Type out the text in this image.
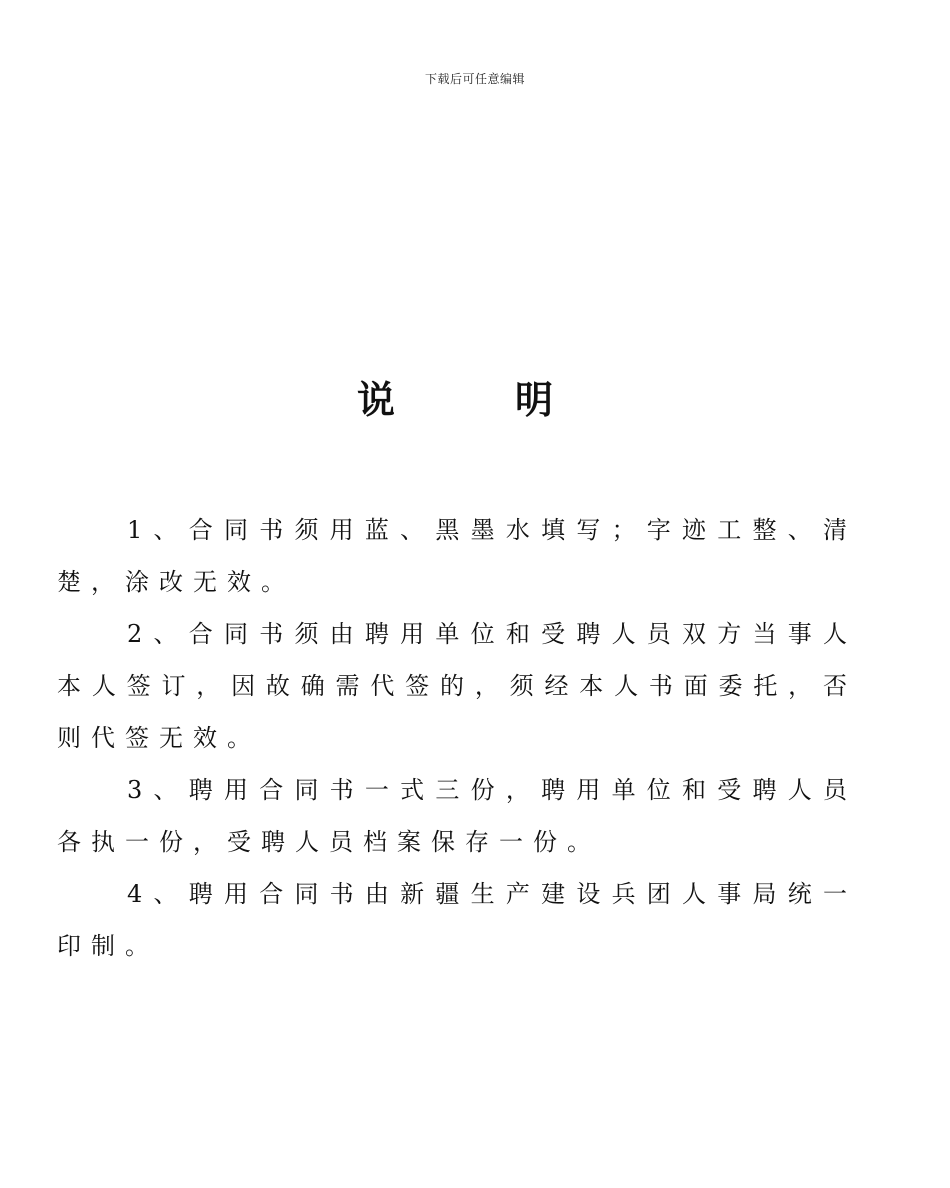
下载后可任意编辑
说	明

1、合同书须用蓝、黑墨水填写；字迹工整、清楚，涂改无效。

2、合同书须由聘用单位和受聘人员双方当事人本人签订，因故确需代签的，须经本人书面委托，否则代签无效。

3、聘用合同书一式三份，聘用单位和受聘人员各执一份，受聘人员档案保存一份。

4、聘用合同书由新疆生产建设兵团人事局统一印制。
